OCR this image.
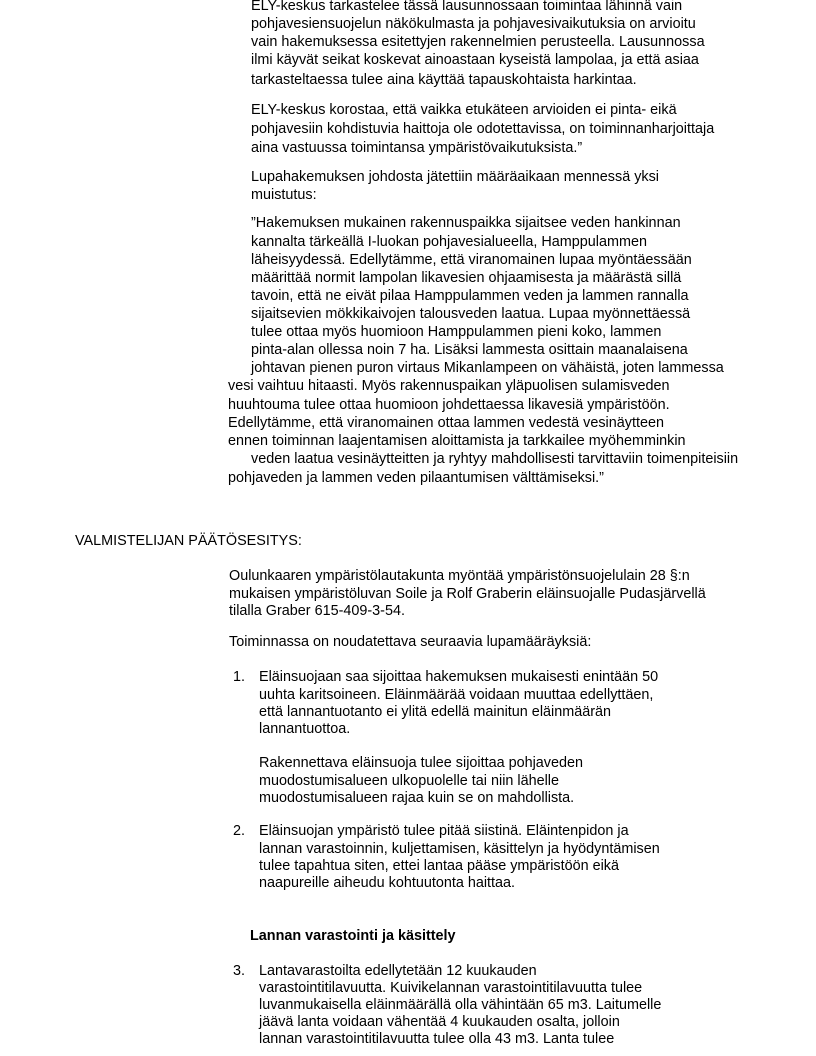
ELY-keskus tarkastelee tässä lausunnossaan toimintaa lähinnä vain
pohjavesiensuojelun näkökulmasta ja pohjavesivaikutuksia on arvioitu
vain hakemuksessa esitettyjen rakennelmien perusteella. Lausunnossa
ilmi käyvät seikat koskevat ainoastaan kyseistä lampolaa, ja että asiaa
tarkasteltaessa tulee aina käyttää tapauskohtaista harkintaa.
ELY-keskus korostaa, että vaikka etukäteen arvioiden ei pinta- eikä
pohjavesiin kohdistuvia haittoja ole odotettavissa, on toiminnanharjoittaja
aina vastuussa toimintansa ympäristövaikutuksista.”
Lupahakemuksen johdosta jätettiin määräaikaan mennessä yksi
muistutus:
”Hakemuksen mukainen rakennuspaikka sijaitsee veden hankinnan
kannalta tärkeällä I-luokan pohjavesialueella, Hamppulammen
läheisyydessä. Edellytämme, että viranomainen lupaa myöntäessään
määrittää normit lampolan likavesien ohjaamisesta ja määrästä sillä
tavoin, että ne eivät pilaa Hamppulammen veden ja lammen rannalla
sijaitsevien mökkikaivojen talousveden laatua. Lupaa myönnettäessä
tulee ottaa myös huomioon Hamppulammen pieni koko, lammen
pinta-alan ollessa noin 7 ha. Lisäksi lammesta osittain maanalaisena
johtavan pienen puron virtaus Mikanlampeen on vähäistä, joten lammessa
vesi vaihtuu hitaasti. Myös rakennuspaikan yläpuolisen sulamisveden
huuhtouma tulee ottaa huomioon johdettaessa likavesiä ympäristöön.
Edellytämme, että viranomainen ottaa lammen vedestä vesinäytteen
ennen toiminnan laajentamisen aloittamista ja tarkkailee myöhemminkin
veden laatua vesinäytteitten ja ryhtyy mahdollisesti tarvittaviin toimenpiteisiin
pohjaveden ja lammen veden pilaantumisen välttämiseksi.”
VALMISTELIJAN PÄÄTÖSESITYS:
Oulunkaaren ympäristölautakunta myöntää ympäristönsuojelulain 28 §:n
mukaisen ympäristöluvan Soile ja Rolf Graberin eläinsuojalle Pudasjärvellä
tilalla Graber 615-409-3-54.
Toiminnassa on noudatettava seuraavia lupamääräyksiä:
1. Eläinsuojaan saa sijoittaa hakemuksen mukaisesti enintään 50
uuhta karitsoineen. Eläinmäärää voidaan muuttaa edellyttäen,
että lannantuotanto ei ylitä edellä mainitun eläinmäärän
lannantuottoa.
Rakennettava eläinsuoja tulee sijoittaa pohjaveden
muodostumisalueen ulkopuolelle tai niin lähelle
muodostumisalueen rajaa kuin se on mahdollista.
2. Eläinsuojan ympäristö tulee pitää siistinä. Eläintenpidon ja
lannan varastoinnin, kuljettamisen, käsittelyn ja hyödyntämisen
tulee tapahtua siten, ettei lantaa pääse ympäristöön eikä
naapureille aiheudu kohtuutonta haittaa.
Lannan varastointi ja käsittely
3. Lantavarastoilta edellytetään 12 kuukauden
varastointitilavuutta. Kuivikelannan varastointitilavuutta tulee
luvanmukaisella eläinmäärällä olla vähintään 65 m3. Laitumelle
jäävä lanta voidaan vähentää 4 kuukauden osalta, jolloin
lannan varastointitilavuutta tulee olla 43 m3. Lanta tulee
